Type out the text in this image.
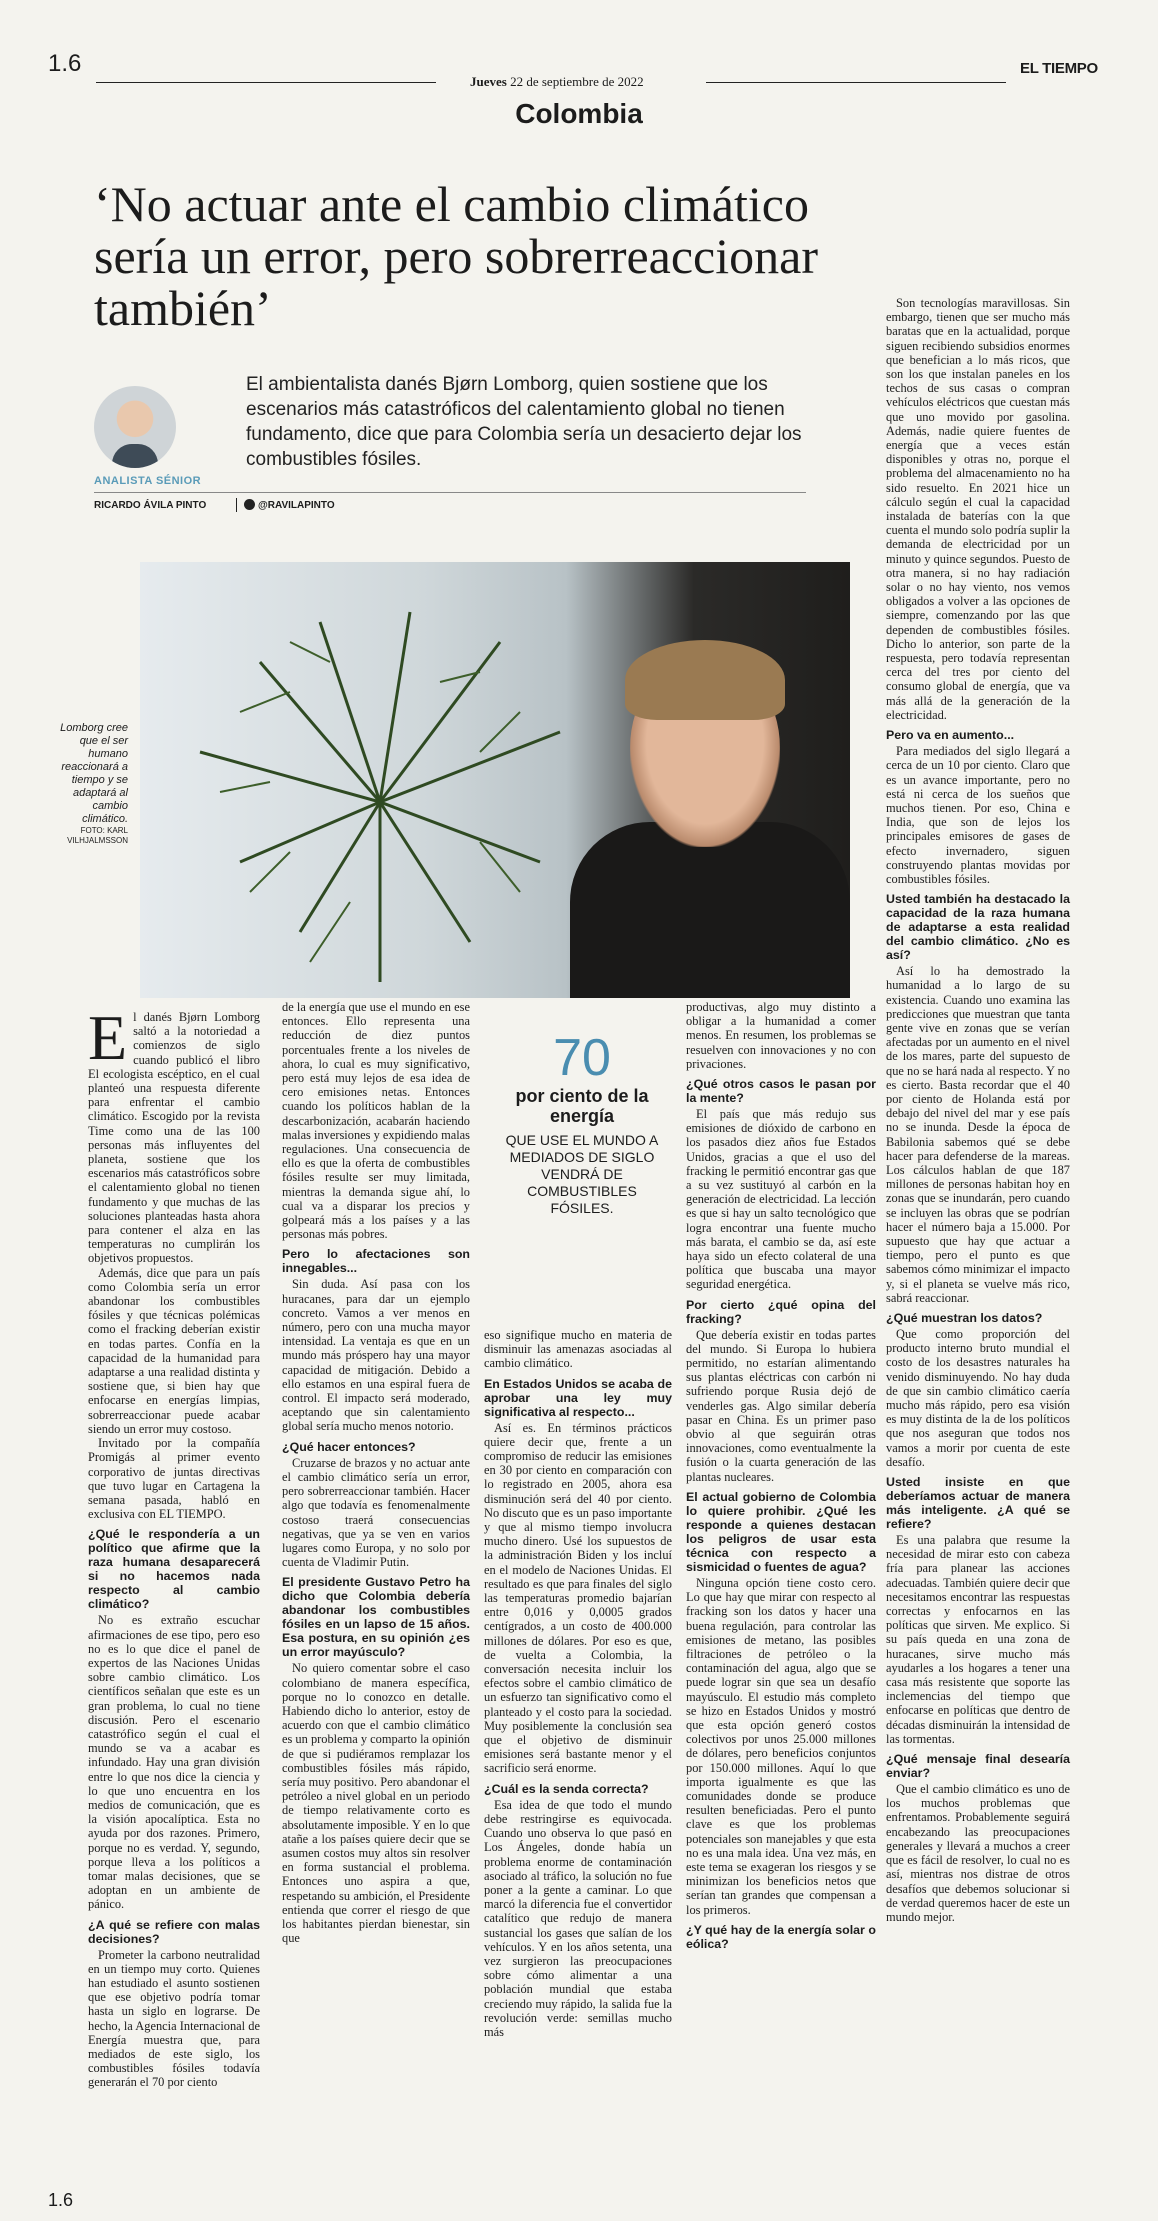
1.6
Jueves 22 de septiembre de 2022
EL TIEMPO
Colombia
‘No actuar ante el cambio climático sería un error, pero sobrerreaccionar también’
ANALISTA SÉNIOR
El ambientalista danés Bjørn Lomborg, quien sostiene que los escenarios más catastróficos del calentamiento global no tienen fundamento, dice que para Colombia sería un desacierto dejar los combustibles fósiles.
RICARDO ÁVILA PINTO	@RAVILAPINTO
Lomborg cree que el ser humano reaccionará a tiempo y se adaptará al cambio climático.
FOTO: KARL VILHJALMSSON

El danés Bjørn Lomborg saltó a la notoriedad a comienzos de siglo cuando publicó el libro El ecologista escéptico, en el cual planteó una respuesta diferente para enfrentar el cambio climático. Escogido por la revista Time como una de las 100 personas más influyentes del planeta, sostiene que los escenarios más catastróficos sobre el calentamiento global no tienen fundamento y que muchas de las soluciones planteadas hasta ahora para contener el alza en las temperaturas no cumplirán los objetivos propuestos.

Además, dice que para un país como Colombia sería un error abandonar los combustibles fósiles y que técnicas polémicas como el fracking deberían existir en todas partes. Confía en la capacidad de la humanidad para adaptarse a una realidad distinta y sostiene que, si bien hay que enfocarse en energías limpias, sobrerreaccionar puede acabar siendo un error muy costoso.

Invitado por la compañía Promigás al primer evento corporativo de juntas directivas que tuvo lugar en Cartagena la semana pasada, habló en exclusiva con EL TIEMPO.

¿Qué le respondería a un político que afirme que la raza humana desaparecerá si no hacemos nada respecto al cambio climático?

No es extraño escuchar afirmaciones de ese tipo, pero eso no es lo que dice el panel de expertos de las Naciones Unidas sobre cambio climático. Los científicos señalan que este es un gran problema, lo cual no tiene discusión. Pero el escenario catastrófico según el cual el mundo se va a acabar es infundado. Hay una gran división entre lo que nos dice la ciencia y lo que uno encuentra en los medios de comunicación, que es la visión apocalíptica. Esta no ayuda por dos razones. Primero, porque no es verdad. Y, segundo, porque lleva a los políticos a tomar malas decisiones, que se adoptan en un ambiente de pánico.

¿A qué se refiere con malas decisiones?

Prometer la carbono neutralidad en un tiempo muy corto. Quienes han estudiado el asunto sostienen que ese objetivo podría tomar hasta un siglo en lograrse. De hecho, la Agencia Internacional de Energía muestra que, para mediados de este siglo, los combustibles fósiles todavía generarán el 70 por ciento

de la energía que use el mundo en ese entonces. Ello representa una reducción de diez puntos porcentuales frente a los niveles de ahora, lo cual es muy significativo, pero está muy lejos de esa idea de cero emisiones netas. Entonces cuando los políticos hablan de la descarbonización, acabarán haciendo malas inversiones y expidiendo malas regulaciones. Una consecuencia de ello es que la oferta de combustibles fósiles resulte ser muy limitada, mientras la demanda sigue ahí, lo cual va a disparar los precios y golpeará más a los países y a las personas más pobres.

Pero lo afectaciones son innegables...

Sin duda. Así pasa con los huracanes, para dar un ejemplo concreto. Vamos a ver menos en número, pero con una mucha mayor intensidad. La ventaja es que en un mundo más próspero hay una mayor capacidad de mitigación. Debido a ello estamos en una espiral fuera de control. El impacto será moderado, aceptando que sin calentamiento global sería mucho menos notorio.

¿Qué hacer entonces?

Cruzarse de brazos y no actuar ante el cambio climático sería un error, pero sobrerreaccionar también. Hacer algo que todavía es fenomenalmente costoso traerá consecuencias negativas, que ya se ven en varios lugares como Europa, y no solo por cuenta de Vladimir Putin.

El presidente Gustavo Petro ha dicho que Colombia debería abandonar los combustibles fósiles en un lapso de 15 años. Esa postura, en su opinión ¿es un error mayúsculo?

No quiero comentar sobre el caso colombiano de manera específica, porque no lo conozco en detalle. Habiendo dicho lo anterior, estoy de acuerdo con que el cambio climático es un problema y comparto la opinión de que si pudiéramos remplazar los combustibles fósiles más rápido, sería muy positivo. Pero abandonar el petróleo a nivel global en un periodo de tiempo relativamente corto es absolutamente imposible. Y en lo que atañe a los países quiere decir que se asumen costos muy altos sin resolver en forma sustancial el problema. Entonces uno aspira a que, respetando su ambición, el Presidente entienda que correr el riesgo de que los habitantes pierdan bienestar, sin que

70
por ciento de la energía
QUE USE EL MUNDO A MEDIADOS DE SIGLO VENDRÁ DE COMBUSTIBLES FÓSILES.

eso signifique mucho en materia de disminuir las amenazas asociadas al cambio climático.

En Estados Unidos se acaba de aprobar una ley muy significativa al respecto...

Así es. En términos prácticos quiere decir que, frente a un compromiso de reducir las emisiones en 30 por ciento en comparación con lo registrado en 2005, ahora esa disminución será del 40 por ciento. No discuto que es un paso importante y que al mismo tiempo involucra mucho dinero. Usé los supuestos de la administración Biden y los incluí en el modelo de Naciones Unidas. El resultado es que para finales del siglo las temperaturas promedio bajarían entre 0,016 y 0,0005 grados centígrados, a un costo de 400.000 millones de dólares. Por eso es que, de vuelta a Colombia, la conversación necesita incluir los efectos sobre el cambio climático de un esfuerzo tan significativo como el planteado y el costo para la sociedad. Muy posiblemente la conclusión sea que el objetivo de disminuir emisiones será bastante menor y el sacrificio será enorme.

¿Cuál es la senda correcta?

Esa idea de que todo el mundo debe restringirse es equivocada. Cuando uno observa lo que pasó en Los Ángeles, donde había un problema enorme de contaminación asociado al tráfico, la solución no fue poner a la gente a caminar. Lo que marcó la diferencia fue el convertidor catalítico que redujo de manera sustancial los gases que salían de los vehículos. Y en los años setenta, una vez surgieron las preocupaciones sobre cómo alimentar a una población mundial que estaba creciendo muy rápido, la salida fue la revolución verde: semillas mucho más

productivas, algo muy distinto a obligar a la humanidad a comer menos. En resumen, los problemas se resuelven con innovaciones y no con privaciones.

¿Qué otros casos le pasan por la mente?

El país que más redujo sus emisiones de dióxido de carbono en los pasados diez años fue Estados Unidos, gracias a que el uso del fracking le permitió encontrar gas que a su vez sustituyó al carbón en la generación de electricidad. La lección es que si hay un salto tecnológico que logra encontrar una fuente mucho más barata, el cambio se da, así este haya sido un efecto colateral de una política que buscaba una mayor seguridad energética.

Por cierto ¿qué opina del fracking?

Que debería existir en todas partes del mundo. Si Europa lo hubiera permitido, no estarían alimentando sus plantas eléctricas con carbón ni sufriendo porque Rusia dejó de venderles gas. Algo similar debería pasar en China. Es un primer paso obvio al que seguirán otras innovaciones, como eventualmente la fusión o la cuarta generación de las plantas nucleares.

El actual gobierno de Colombia lo quiere prohibir. ¿Qué les responde a quienes destacan los peligros de usar esta técnica con respecto a sismicidad o fuentes de agua?

Ninguna opción tiene costo cero. Lo que hay que mirar con respecto al fracking son los datos y hacer una buena regulación, para controlar las emisiones de metano, las posibles filtraciones de petróleo o la contaminación del agua, algo que se puede lograr sin que sea un desafío mayúsculo. El estudio más completo se hizo en Estados Unidos y mostró que esta opción generó costos colectivos por unos 25.000 millones de dólares, pero beneficios conjuntos por 150.000 millones. Aquí lo que importa igualmente es que las comunidades donde se produce resulten beneficiadas. Pero el punto clave es que los problemas potenciales son manejables y que esta no es una mala idea. Una vez más, en este tema se exageran los riesgos y se minimizan los beneficios netos que serían tan grandes que compensan a los primeros.

¿Y qué hay de la energía solar o eólica?

Son tecnologías maravillosas. Sin embargo, tienen que ser mucho más baratas que en la actualidad, porque siguen recibiendo subsidios enormes que benefician a lo más ricos, que son los que instalan paneles en los techos de sus casas o compran vehículos eléctricos que cuestan más que uno movido por gasolina. Además, nadie quiere fuentes de energía que a veces están disponibles y otras no, porque el problema del almacenamiento no ha sido resuelto. En 2021 hice un cálculo según el cual la capacidad instalada de baterías con la que cuenta el mundo solo podría suplir la demanda de electricidad por un minuto y quince segundos. Puesto de otra manera, si no hay radiación solar o no hay viento, nos vemos obligados a volver a las opciones de siempre, comenzando por las que dependen de combustibles fósiles. Dicho lo anterior, son parte de la respuesta, pero todavía representan cerca del tres por ciento del consumo global de energía, que va más allá de la generación de la electricidad.

Pero va en aumento...

Para mediados del siglo llegará a cerca de un 10 por ciento. Claro que es un avance importante, pero no está ni cerca de los sueños que muchos tienen. Por eso, China e India, que son de lejos los principales emisores de gases de efecto invernadero, siguen construyendo plantas movidas por combustibles fósiles.

Usted también ha destacado la capacidad de la raza humana de adaptarse a esta realidad del cambio climático. ¿No es así?

Así lo ha demostrado la humanidad a lo largo de su existencia. Cuando uno examina las predicciones que muestran que tanta gente vive en zonas que se verían afectadas por un aumento en el nivel de los mares, parte del supuesto de que no se hará nada al respecto. Y no es cierto. Basta recordar que el 40 por ciento de Holanda está por debajo del nivel del mar y ese país no se inunda. Desde la época de Babilonia sabemos qué se debe hacer para defenderse de la mareas. Los cálculos hablan de que 187 millones de personas habitan hoy en zonas que se inundarán, pero cuando se incluyen las obras que se podrían hacer el número baja a 15.000. Por supuesto que hay que actuar a tiempo, pero el punto es que sabemos cómo minimizar el impacto y, si el planeta se vuelve más rico, sabrá reaccionar.

¿Qué muestran los datos?

Que como proporción del producto interno bruto mundial el costo de los desastres naturales ha venido disminuyendo. No hay duda de que sin cambio climático caería mucho más rápido, pero esa visión es muy distinta de la de los políticos que nos aseguran que todos nos vamos a morir por cuenta de este desafío.

Usted insiste en que deberíamos actuar de manera más inteligente. ¿A qué se refiere?

Es una palabra que resume la necesidad de mirar esto con cabeza fría para planear las acciones adecuadas. También quiere decir que necesitamos encontrar las respuestas correctas y enfocarnos en las políticas que sirven. Me explico. Si su país queda en una zona de huracanes, sirve mucho más ayudarles a los hogares a tener una casa más resistente que soporte las inclemencias del tiempo que enfocarse en políticas que dentro de décadas disminuirán la intensidad de las tormentas.

¿Qué mensaje final desearía enviar?

Que el cambio climático es uno de los muchos problemas que enfrentamos. Probablemente seguirá encabezando las preocupaciones generales y llevará a muchos a creer que es fácil de resolver, lo cual no es así, mientras nos distrae de otros desafíos que debemos solucionar si de verdad queremos hacer de este un mundo mejor.

1.6
